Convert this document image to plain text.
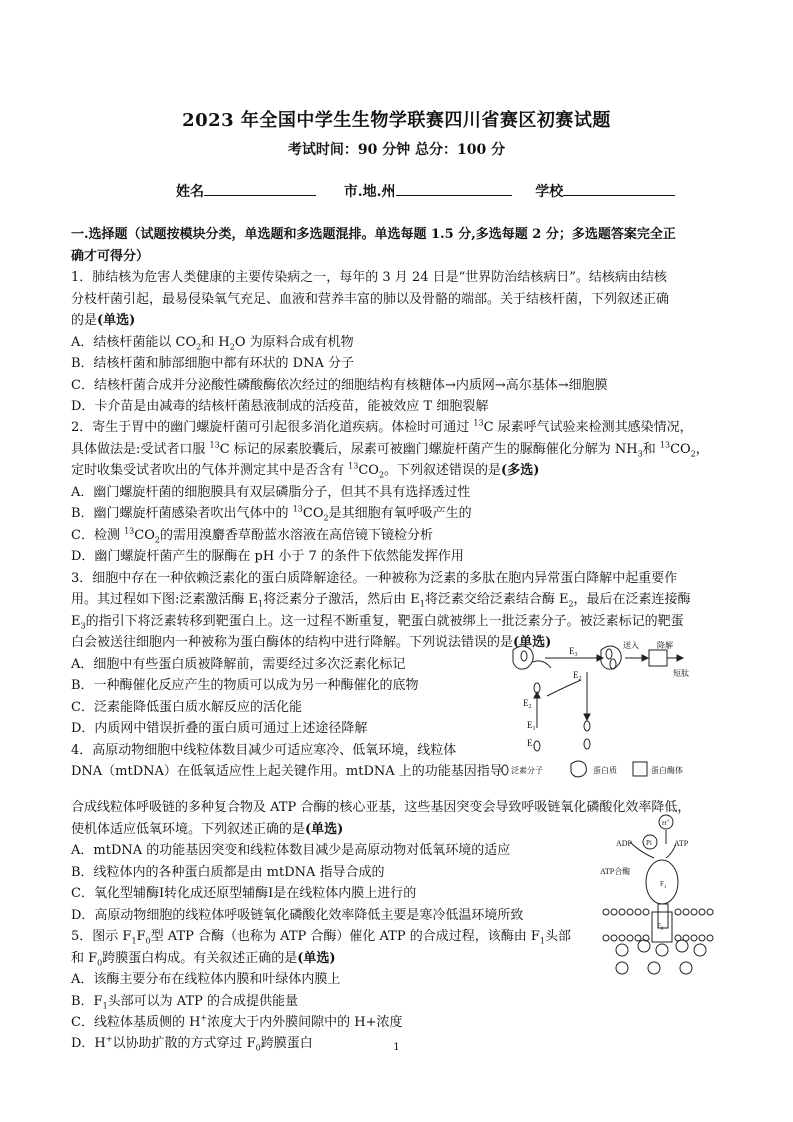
2023 年全国中学生生物学联赛四川省赛区初赛试题
考试时间：90 分钟 总分：100 分
姓名	市.地.州	学校
一.选择题（试题按模块分类，单选题和多选题混排。单选每题 1.5 分,多选每题 2 分；多选题答案完全正
确才可得分）
1．肺结核为危害人类健康的主要传染病之一，每年的 3 月 24 日是“世界防治结核病日”。结核病由结核
分枝杆菌引起，最易侵染氧气充足、血液和营养丰富的肺以及骨骼的端部。关于结核杆菌，下列叙述正确
的是(单选)
A．结核杆菌能以 $CO_2$和 $H_2O$ 为原料合成有机物
B．结核杆菌和肺部细胞中都有环状的 DNA 分子
C．结核杆菌合成并分泌酸性磷酸酶依次经过的细胞结构有核糖体→内质网→高尔基体→细胞膜
D．卡介苗是由减毒的结核杆菌悬液制成的活疫苗，能被效应 T 细胞裂解
2．寄生于胃中的幽门螺旋杆菌可引起很多消化道疾病。体检时可通过 $^{13}$C 尿素呼气试验来检测其感染情况，
具体做法是:受试者口服 $^{13}$C 标记的尿素胶囊后，尿素可被幽门螺旋杆菌产生的脲酶催化分解为 $NH_3$和 $^{13}CO_2$，
定时收集受试者吹出的气体并测定其中是否含有 $^{13}CO_2$。下列叙述错误的是(多选)
A．幽门螺旋杆菌的细胞膜具有双层磷脂分子，但其不具有选择透过性
B．幽门螺旋杆菌感染者吹出气体中的 $^{13}CO_2$是其细胞有氧呼吸产生的
C．检测 $^{13}CO_2$的需用溴麝香草酚蓝水溶液在高倍镜下镜检分析
D．幽门螺旋杆菌产生的脲酶在 pH 小于 7 的条件下依然能发挥作用
3．细胞中存在一种依赖泛素化的蛋白质降解途径。一种被称为泛素的多肽在胞内异常蛋白降解中起重要作
用。其过程如下图:泛素激活酶 $E_1$将泛素分子激活，然后由 $E_1$将泛素交给泛素结合酶 $E_2$，最后在泛素连接酶
$E_3$的指引下将泛素转移到靶蛋白上。这一过程不断重复，靶蛋白就被绑上一批泛素分子。被泛素标记的靶蛋
白会被送往细胞内一种被称为蛋白酶体的结构中进行降解。下列说法错误的是(单选)
A．细胞中有些蛋白质被降解前，需要经过多次泛素化标记
B．一种酶催化反应产生的物质可以成为另一种酶催化的底物
C．泛素能降低蛋白质水解反应的活化能
D．内质网中错误折叠的蛋白质可通过上述途径降解
$E_3$
$E_2$
$E_2$
$E_1$
$E_1$
送入 降解
短肽
泛素分子	蛋白质	蛋白酶体
4．高原动物细胞中线粒体数目减少可适应寒冷、低氧环境，线粒体
DNA（mtDNA）在低氧适应性上起关键作用。mtDNA 上的功能基因指导
合成线粒体呼吸链的多种复合物及 ATP 合酶的核心亚基，这些基因突变会导致呼吸链氧化磷酸化效率降低，
使机体适应低氧环境。下列叙述正确的是(单选)
A．mtDNA 的功能基因突变和线粒体数目减少是高原动物对低氧环境的适应
B．线粒体内的各种蛋白质都是由 mtDNA 指导合成的
C．氧化型辅酶Ⅰ转化成还原型辅酶Ⅰ是在线粒体内膜上进行的
D．高原动物细胞的线粒体呼吸链氧化磷酸化效率降低主要是寒冷低温环境所致
5．图示 $F_1F_0$型 ATP 合酶（也称为 ATP 合酶）催化 ATP 的合成过程，该酶由 $F_1$头部
和 $F_0$跨膜蛋白构成。有关叙述正确的是(单选)
A．该酶主要分布在线粒体内膜和叶绿体内膜上
B．$F_1$头部可以为 ATP 的合成提供能量
C．线粒体基质侧的 H+浓度大于内外膜间隙中的 H+浓度
D．H+以协助扩散的方式穿过 $F_0$跨膜蛋白
H+
ADP Pi	ATP
ATP合酶
$F_1$
$F_0$
1
